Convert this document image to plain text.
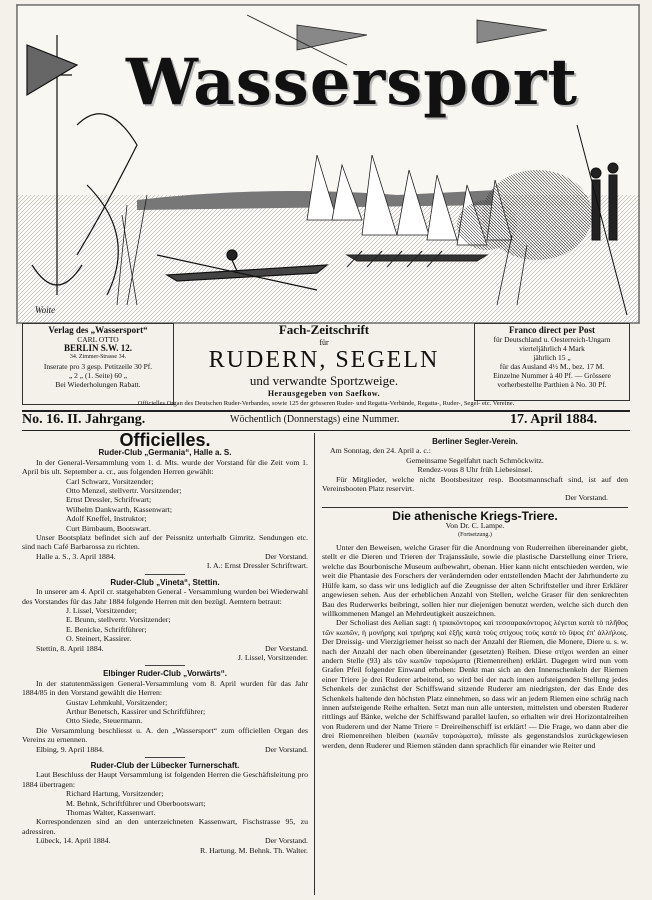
Wassersport
Woite
Verlag des „Wassersport“
CARL OTTO
BERLIN S.W. 12.
34. Zimmer-Strasse 34.
Inserate pro 3 gesp. Petitzeile 30 Pf.
„ 2 „ (1. Seite) 60 „
Bei Wiederholungen Rabatt.
Fach-Zeitschrift
für
RUDERN, SEGELN
und verwandte Sportzweige.
Herausgegeben von Saefkow.
Franco direct per Post
für Deutschland u. Oesterreich-Ungarn
vierteljährlich 4 Mark
jährlich 15 „
für das Ausland 4½ M., bez. 17 M.
Einzelne Nummer à 40 Pf. — Grössere
vorherbestellte Parthien à No. 30 Pf.
Officielles Organ des Deutschen Ruder-Verbandes, sowie 125 der grösseren Ruder- und Regatta-Verbände, Regatta-, Ruder-, Segel- etc. Vereine.
No. 16. II. Jahrgang.	Wöchentlich (Donnerstags) eine Nummer.	17. April 1884.
Officielles.
Ruder-Club „Germania“, Halle a. S.

In der General-Versammlung vom 1. d. Mts. wurde der Vorstand für die Zeit vom 1. April bis ult. September a. cr., aus folgenden Herren gewählt:

Carl Schwarz, Vorsitzender;

Otto Menzel, stellvertr. Vorsitzender;

Ernst Dressler, Schriftwart;

Wilhelm Dankwarth, Kassenwart;

Adolf Kneffel, Instruktor;

Curt Birnbaum, Bootswart.

Unser Bootsplatz befindet sich auf der Peissnitz unterhalb Gimritz. Sendungen etc. sind nach Café Barbarossa zu richten.

Halle a. S., 3. April 1884.	Der Vorstand.

I. A.: Ernst Dressler Schriftwart.

Ruder-Club „Vineta“, Stettin.

In unserer am 4. April cr. statgehabten General - Versammlung wurden bei Wiederwahl des Vorstandes für das Jahr 1884 folgende Herren mit den bezügl. Aemtern betraut:

J. Lissel, Vorsitzender;

E. Brunn, stellvertr. Vorsitzender;

E. Benicke, Schriftführer;

O. Steinert, Kassirer.

Stettin, 8. April 1884.	Der Vorstand.

J. Lissel, Vorsitzender.

Elbinger Ruder-Club „Vorwärts“.

In der statutenmässigen General-Versammlung vom 8. April wurden für das Jahr 1884/85 in den Vorstand gewählt die Herren:

Gustav Lehmkuhl, Vorsitzender;

Arthur Benetsch, Kassirer und Schriftführer;

Otto Siede, Steuermann.

Die Versammlung beschliesst u. A. den „Wassersport“ zum officiellen Organ des Vereins zu ernennen.

Elbing, 9. April 1884.	Der Vorstand.

Ruder-Club der Lübecker Turnerschaft.

Laut Beschluss der Haupt Versammlung ist folgenden Herren die Geschäftsleitung pro 1884 übertragen:

Richard Hartung, Vorsitzender;

M. Behnk, Schriftführer und Oberbootswart;

Thomas Walter, Kassenwart.

Korrespondenzen sind an den unterzeichneten Kassenwart, Fischstrasse 95, zu adressiren.

Lübeck, 14. April 1884.	Der Vorstand.

R. Hartung. M. Behnk. Th. Walter.

Berliner Segler-Verein.

Am Sonntag, den 24. April a. c.:

Gemeinsame Segelfahrt nach Schmöckwitz.

Rendez-vous 8 Uhr früh Liebesinsel.

Für Mitglieder, welche nicht Bootsbesitzer resp. Bootsmannschaft sind, ist auf den Vereinsbooten Platz reservirt.

Der Vorstand.

Die athenische Kriegs-Triere.

Von Dr. C. Lampe.

(Fortsetzung.)

Unter den Beweisen, welche Graser für die Anordnung von Ruderreihen übereinander giebt, stellt er die Dieren und Trieren der Trajanssäule, sowie die plastische Darstellung einer Triere, welche das Bourbonische Museum aufbewahrt, obenan. Hier kann nicht entschieden werden, wie weit die Phantasie des Forschers der verändernden oder entstellenden Macht der Jahrhunderte zu Hülfe kam, so dass wir uns lediglich auf die Zeugnisse der alten Schriftsteller und ihrer Erklärer angewiesen sehen. Aus der erheblichen Anzahl von Stellen, welche Graser für den senkrechten Bau des Ruderwerks beibringt, sollen hier nur diejenigen benutzt werden, welche sich durch den willkommenen Mangel an Mehrdeutigkeit auszeichnen.

Der Scholiast des Aelian sagt: ἡ τριακόντορος καὶ τεσσαρακόντορος λέγεται κατὰ τὸ πλῆθος τῶν κωπῶν, ἡ μονήρης καὶ τριήρης καὶ ἑξῆς κατὰ τοὺς στίχους τοὺς κατὰ τὸ ὕψος ἐπ' ἀλλήλοις. Der Dreissig- und Vierzigriemer heisst so nach der Anzahl der Riemen, die Monere, Diere u. s. w. nach der Anzahl der nach oben übereinander (gesetzten) Reihen. Diese στίχοι werden an einer andern Stelle (93) als τῶν κωπῶν ταρσώματα (Riemenreihen) erklärt. Dagegen wird nun vom Grafen Pfeil folgender Einwand erhoben: Denkt man sich an den Innenschenkeln der Riemen einer Triere je drei Ruderer arbeitend, so wird bei der nach innen aufsteigenden Stellung jedes Schenkels der zunächst der Schiffswand sitzende Ruderer am niedrigsten, der das Ende des Schenkels haltende den höchsten Platz einnehmen, so dass wir an jedem Riemen eine schräg nach innen aufsteigende Reihe erhalten. Setzt man nun alle untersten, mittelsten und obersten Ruderer rittlings auf Bänke, welche der Schiffswand parallel laufen, so erhalten wir drei Horizontalreihen von Ruderern und der Name Triere = Dreireihenschiff ist erklärt! — Die Frage, wo dann aber die drei Riemenreihen bleiben (κωπῶν ταρσώματα), müsste als gegenstandslos zurückgewiesen werden, denn Ruderer und Riemen ständen dann sprachlich für einander wie Reiter und
